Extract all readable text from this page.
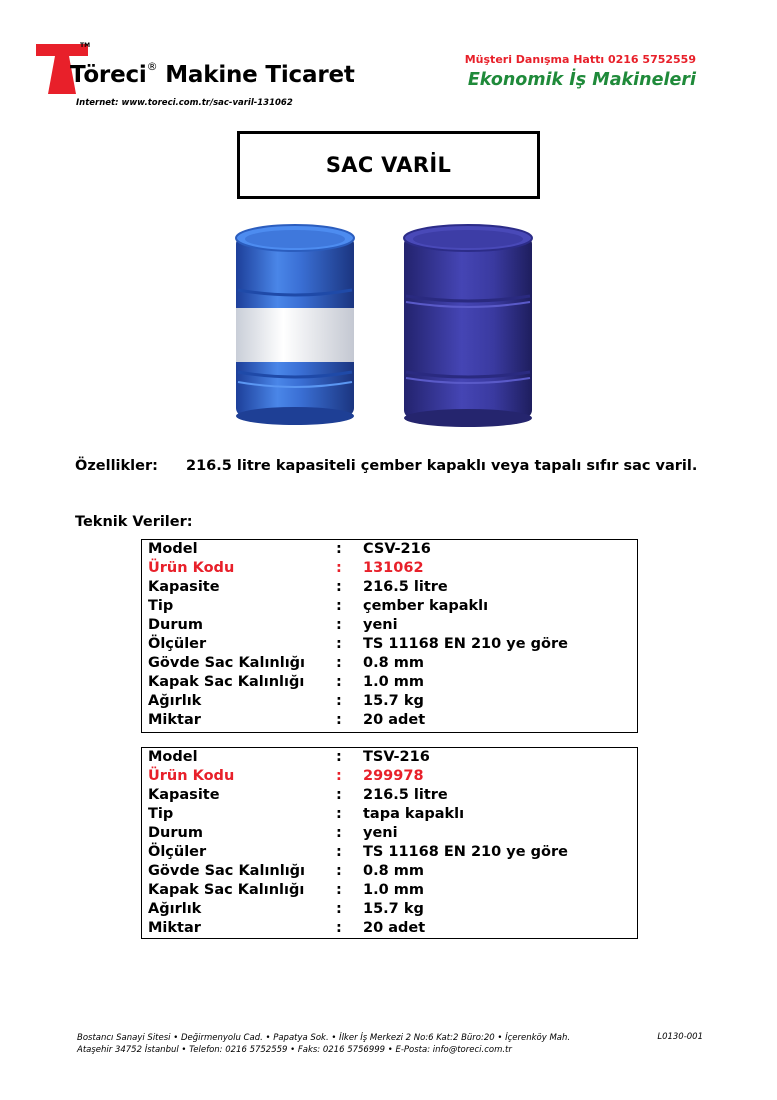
TM
Töreci® Makine Ticaret
Internet: www.toreci.com.tr/sac-varil-131062
Müşteri Danışma Hattı 0216 5752559
Ekonomik İş Makineleri
SAC VARİL
Özellikler: 216.5 litre kapasiteli çember kapaklı veya tapalı sıfır sac varil.
Teknik Veriler:
Model	: CSV-216
Ürün Kodu	: 131062
Kapasite	: 216.5 litre
Tip	: çember kapaklı
Durum	: yeni
Ölçüler	: TS 11168 EN 210 ye göre
Gövde Sac Kalınlığı : 0.8 mm
Kapak Sac Kalınlığı : 1.0 mm
Ağırlık	: 15.7 kg
Miktar	: 20 adet
Model	: TSV-216
Ürün Kodu	: 299978
Kapasite	: 216.5 litre
Tip	: tapa kapaklı
Durum	: yeni
Ölçüler	: TS 11168 EN 210 ye göre
Gövde Sac Kalınlığı : 0.8 mm
Kapak Sac Kalınlığı : 1.0 mm
Ağırlık	: 15.7 kg
Miktar	: 20 adet
Bostancı Sanayi Sitesi • Değirmenyolu Cad. • Papatya Sok. • İlker İş Merkezi 2 No:6 Kat:2 Büro:20 • İçerenköy Mah.
Ataşehir 34752 İstanbul • Telefon: 0216 5752559 • Faks: 0216 5756999 • E-Posta: info@toreci.com.tr
L0130-001
